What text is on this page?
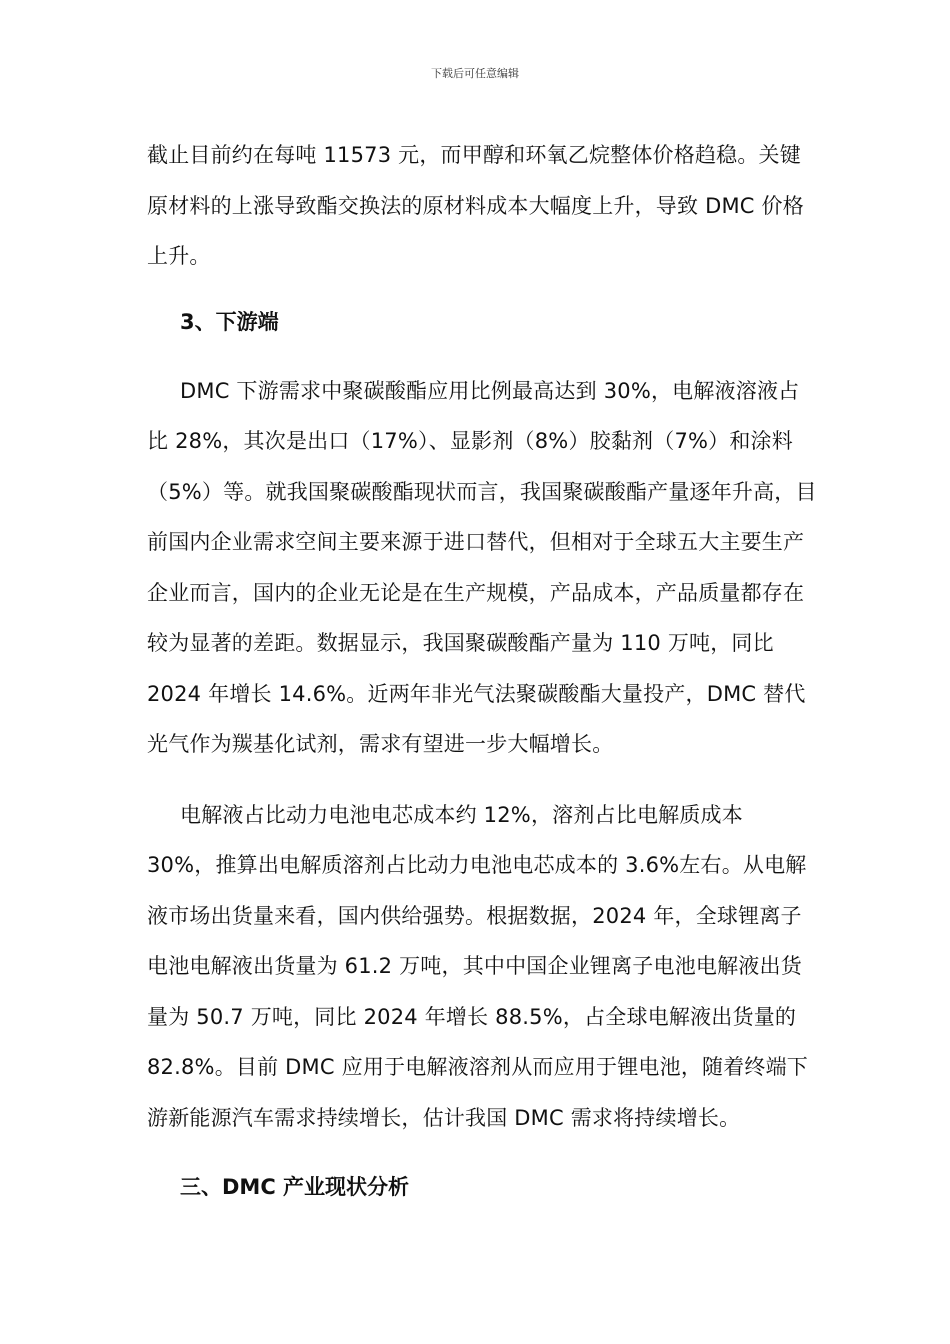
下载后可任意编辑

截止目前约在每吨 11573 元，而甲醇和环氧乙烷整体价格趋稳。关键原材料的上涨导致酯交换法的原材料成本大幅度上升，导致 DMC 价格上升。

3、下游端

DMC 下游需求中聚碳酸酯应用比例最高达到 30%，电解液溶液占比 28%，其次是出口（17%）、显影剂（8%）胶黏剂（7%）和涂料（5%）等。就我国聚碳酸酯现状而言，我国聚碳酸酯产量逐年升高，目前国内企业需求空间主要来源于进口替代，但相对于全球五大主要生产企业而言，国内的企业无论是在生产规模，产品成本，产品质量都存在较为显著的差距。数据显示，我国聚碳酸酯产量为 110 万吨，同比 2024 年增长 14.6%。近两年非光气法聚碳酸酯大量投产，DMC 替代光气作为羰基化试剂，需求有望进一步大幅增长。

电解液占比动力电池电芯成本约 12%，溶剂占比电解质成本 30%，推算出电解质溶剂占比动力电池电芯成本的 3.6%左右。从电解液市场出货量来看，国内供给强势。根据数据，2024 年，全球锂离子电池电解液出货量为 61.2 万吨，其中中国企业锂离子电池电解液出货量为 50.7 万吨，同比 2024 年增长 88.5%，占全球电解液出货量的 82.8%。目前 DMC 应用于电解液溶剂从而应用于锂电池，随着终端下游新能源汽车需求持续增长，估计我国 DMC 需求将持续增长。

三、DMC 产业现状分析
